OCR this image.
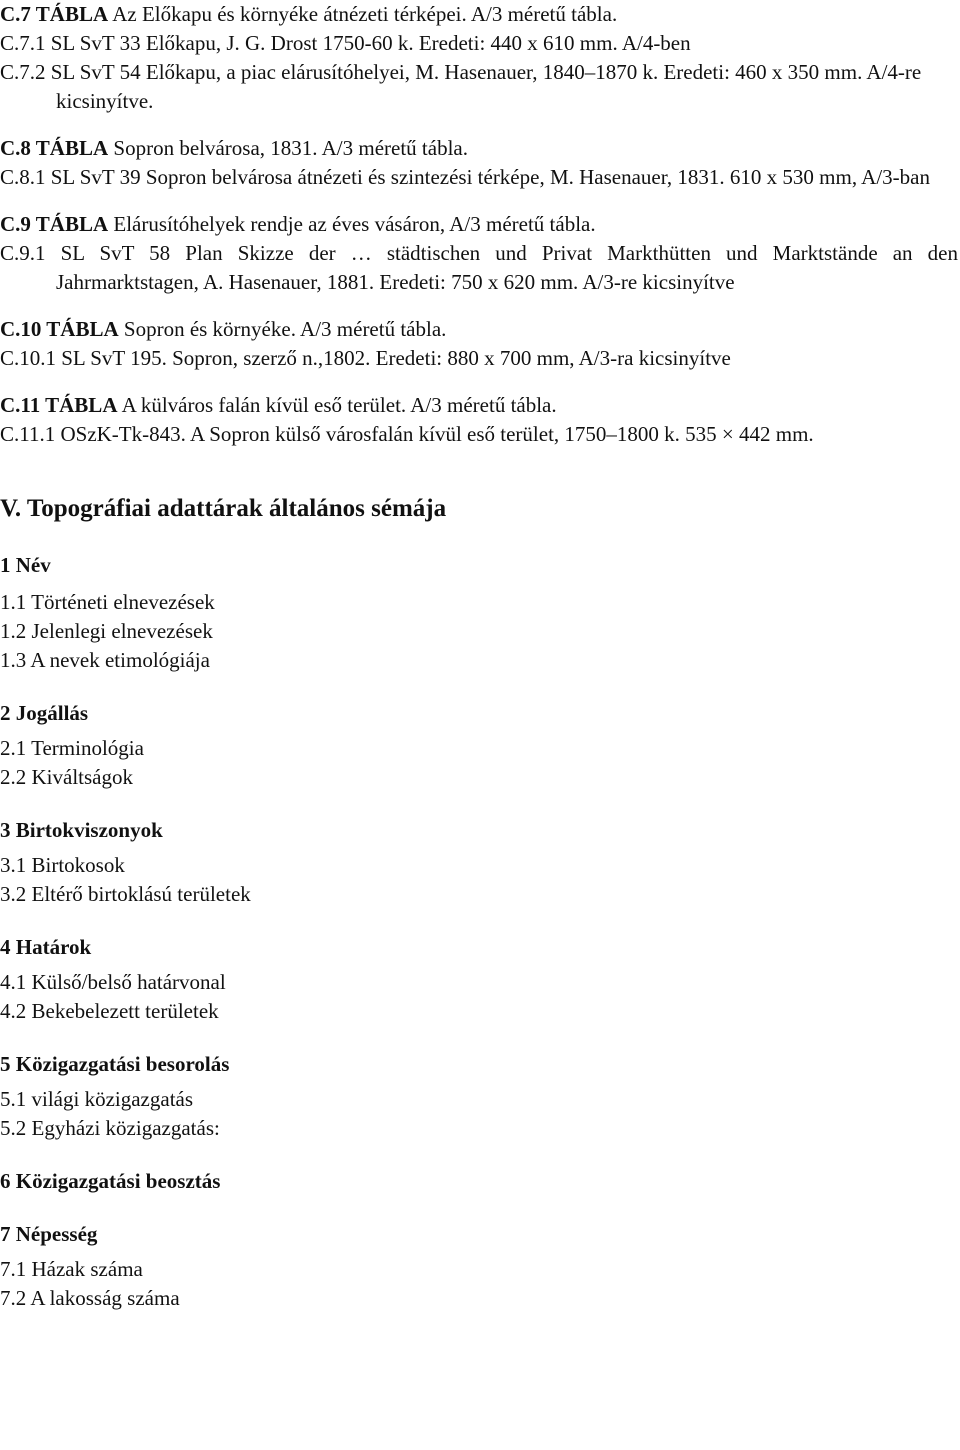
C.7 TÁBLA Az Előkapu és környéke átnézeti térképei. A/3 méretű tábla.

C.7.1 SL SvT 33 Előkapu, J. G. Drost 1750-60 k. Eredeti: 440 x 610 mm. A/4-ben

C.7.2 SL SvT 54 Előkapu, a piac elárusítóhelyei, M. Hasenauer, 1840–1870 k. Eredeti: 460 x 350 mm. A/4-re kicsinyítve.

C.8 TÁBLA Sopron belvárosa, 1831. A/3 méretű tábla.

C.8.1 SL SvT 39 Sopron belvárosa átnézeti és szintezési térképe, M. Hasenauer, 1831. 610 x 530 mm, A/3-ban

C.9 TÁBLA Elárusítóhelyek rendje az éves vásáron, A/3 méretű tábla.

C.9.1 SL SvT 58 Plan Skizze der … städtischen und Privat Markthütten und Marktstände an den Jahrmarktstagen, A. Hasenauer, 1881. Eredeti: 750 x 620 mm. A/3-re kicsinyítve

C.10 TÁBLA Sopron és környéke. A/3 méretű tábla.

C.10.1 SL SvT 195. Sopron, szerző n.,1802. Eredeti: 880 x 700 mm, A/3-ra kicsinyítve

C.11 TÁBLA A külváros falán kívül eső terület. A/3 méretű tábla.

C.11.1 OSzK-Tk-843. A Sopron külső városfalán kívül eső terület, 1750–1800 k. 535 × 442 mm.

V. Topográfiai adattárak általános sémája
1 Név
1.1 Történeti elnevezések
1.2 Jelenlegi elnevezések
1.3 A nevek etimológiája
2 Jogállás
2.1 Terminológia
2.2 Kiváltságok
3 Birtokviszonyok
3.1 Birtokosok
3.2 Eltérő birtoklású területek
4 Határok
4.1 Külső/belső határvonal
4.2 Bekebelezett területek
5 Közigazgatási besorolás
5.1 világi közigazgatás
5.2 Egyházi közigazgatás:
6 Közigazgatási beosztás
7 Népesség
7.1 Házak száma
7.2 A lakosság száma
